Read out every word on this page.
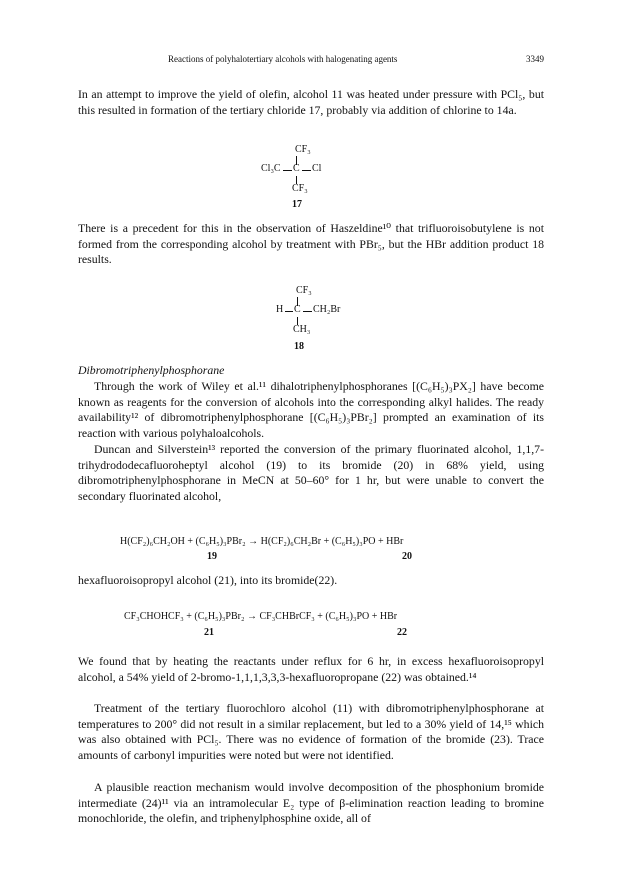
Reactions of polyhalotertiary alcohols with halogenating agents	3349

In an attempt to improve the yield of olefin, alcohol 11 was heated under pressure with PCl₅, but this resulted in formation of the tertiary chloride 17, probably via addition of chlorine to 14a.

CF₃
Cl₃C C Cl
CF₃
17

There is a precedent for this in the observation of Haszeldine¹⁰ that trifluoroisobutylene is not formed from the corresponding alcohol by treatment with PBr₅, but the HBr addition product 18 results.

CF₃
H C CH₂Br
CH₃
18
Dibromotriphenylphosphorane

Through the work of Wiley et al.¹¹ dihalotriphenylphosphoranes [(C₆H₅)₃PX₂] have become known as reagents for the conversion of alcohols into the corresponding alkyl halides. The ready availability¹² of dibromotriphenylphosphorane [(C₆H₅)₃PBr₂] prompted an examination of its reaction with various polyhaloalcohols.

Duncan and Silverstein¹³ reported the conversion of the primary fluorinated alcohol, 1,1,7-trihydrododecafluoroheptyl alcohol (19) to its bromide (20) in 68% yield, using dibromotriphenylphosphorane in MeCN at 50–60° for 1 hr, but were unable to convert the secondary fluorinated alcohol,

H(CF₂)₆CH₂OH + (C₆H₅)₃PBr₂ → H(CF₂)₆CH₂Br + (C₆H₅)₃PO + HBr
19	20

hexafluoroisopropyl alcohol (21), into its bromide(22).

CF₃CHOHCF₃ + (C₆H₅)₃PBr₂ → CF₃CHBrCF₃ + (C₆H₅)₃PO + HBr
21	22

We found that by heating the reactants under reflux for 6 hr, in excess hexafluoroisopropyl alcohol, a 54% yield of 2-bromo-1,1,1,3,3,3-hexafluoropropane (22) was obtained.¹⁴

Treatment of the tertiary fluorochloro alcohol (11) with dibromotriphenylphosphorane at temperatures to 200° did not result in a similar replacement, but led to a 30% yield of 14,¹⁵ which was also obtained with PCl₅. There was no evidence of formation of the bromide (23). Trace amounts of carbonyl impurities were noted but were not identified.

A plausible reaction mechanism would involve decomposition of the phosphonium bromide intermediate (24)¹¹ via an intramolecular E₂ type of β-elimination reaction leading to bromine monochloride, the olefin, and triphenylphosphine oxide, all of
